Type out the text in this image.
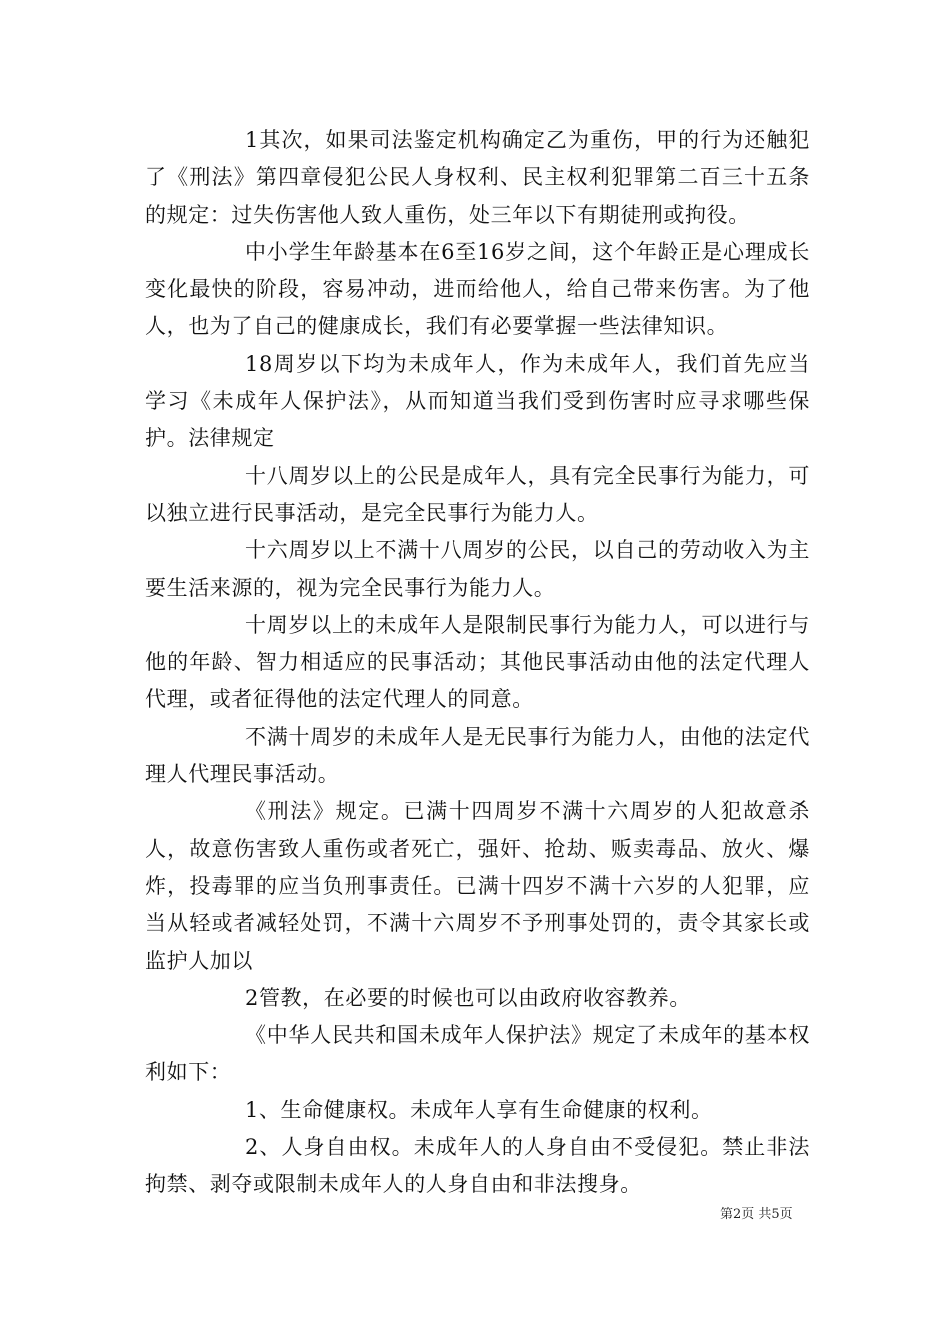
1其次，如果司法鉴定机构确定乙为重伤，甲的行为还触犯了《刑法》第四章侵犯公民人身权利、民主权利犯罪第二百三十五条的规定：过失伤害他人致人重伤，处三年以下有期徒刑或拘役。

中小学生年龄基本在6至16岁之间，这个年龄正是心理成长变化最快的阶段，容易冲动，进而给他人，给自己带来伤害。为了他人，也为了自己的健康成长，我们有必要掌握一些法律知识。

18周岁以下均为未成年人，作为未成年人，我们首先应当学习《未成年人保护法》，从而知道当我们受到伤害时应寻求哪些保护。法律规定

十八周岁以上的公民是成年人，具有完全民事行为能力，可以独立进行民事活动，是完全民事行为能力人。

十六周岁以上不满十八周岁的公民，以自己的劳动收入为主要生活来源的，视为完全民事行为能力人。

十周岁以上的未成年人是限制民事行为能力人，可以进行与他的年龄、智力相适应的民事活动；其他民事活动由他的法定代理人代理，或者征得他的法定代理人的同意。

不满十周岁的未成年人是无民事行为能力人，由他的法定代理人代理民事活动。

《刑法》规定。已满十四周岁不满十六周岁的人犯故意杀人，故意伤害致人重伤或者死亡，强奸、抢劫、贩卖毒品、放火、爆炸，投毒罪的应当负刑事责任。已满十四岁不满十六岁的人犯罪，应当从轻或者减轻处罚，不满十六周岁不予刑事处罚的，责令其家长或监护人加以

2管教，在必要的时候也可以由政府收容教养。

《中华人民共和国未成年人保护法》规定了未成年的基本权利如下：

1、生命健康权。未成年人享有生命健康的权利。

2、人身自由权。未成年人的人身自由不受侵犯。禁止非法拘禁、剥夺或限制未成年人的人身自由和非法搜身。

第2页 共5页
